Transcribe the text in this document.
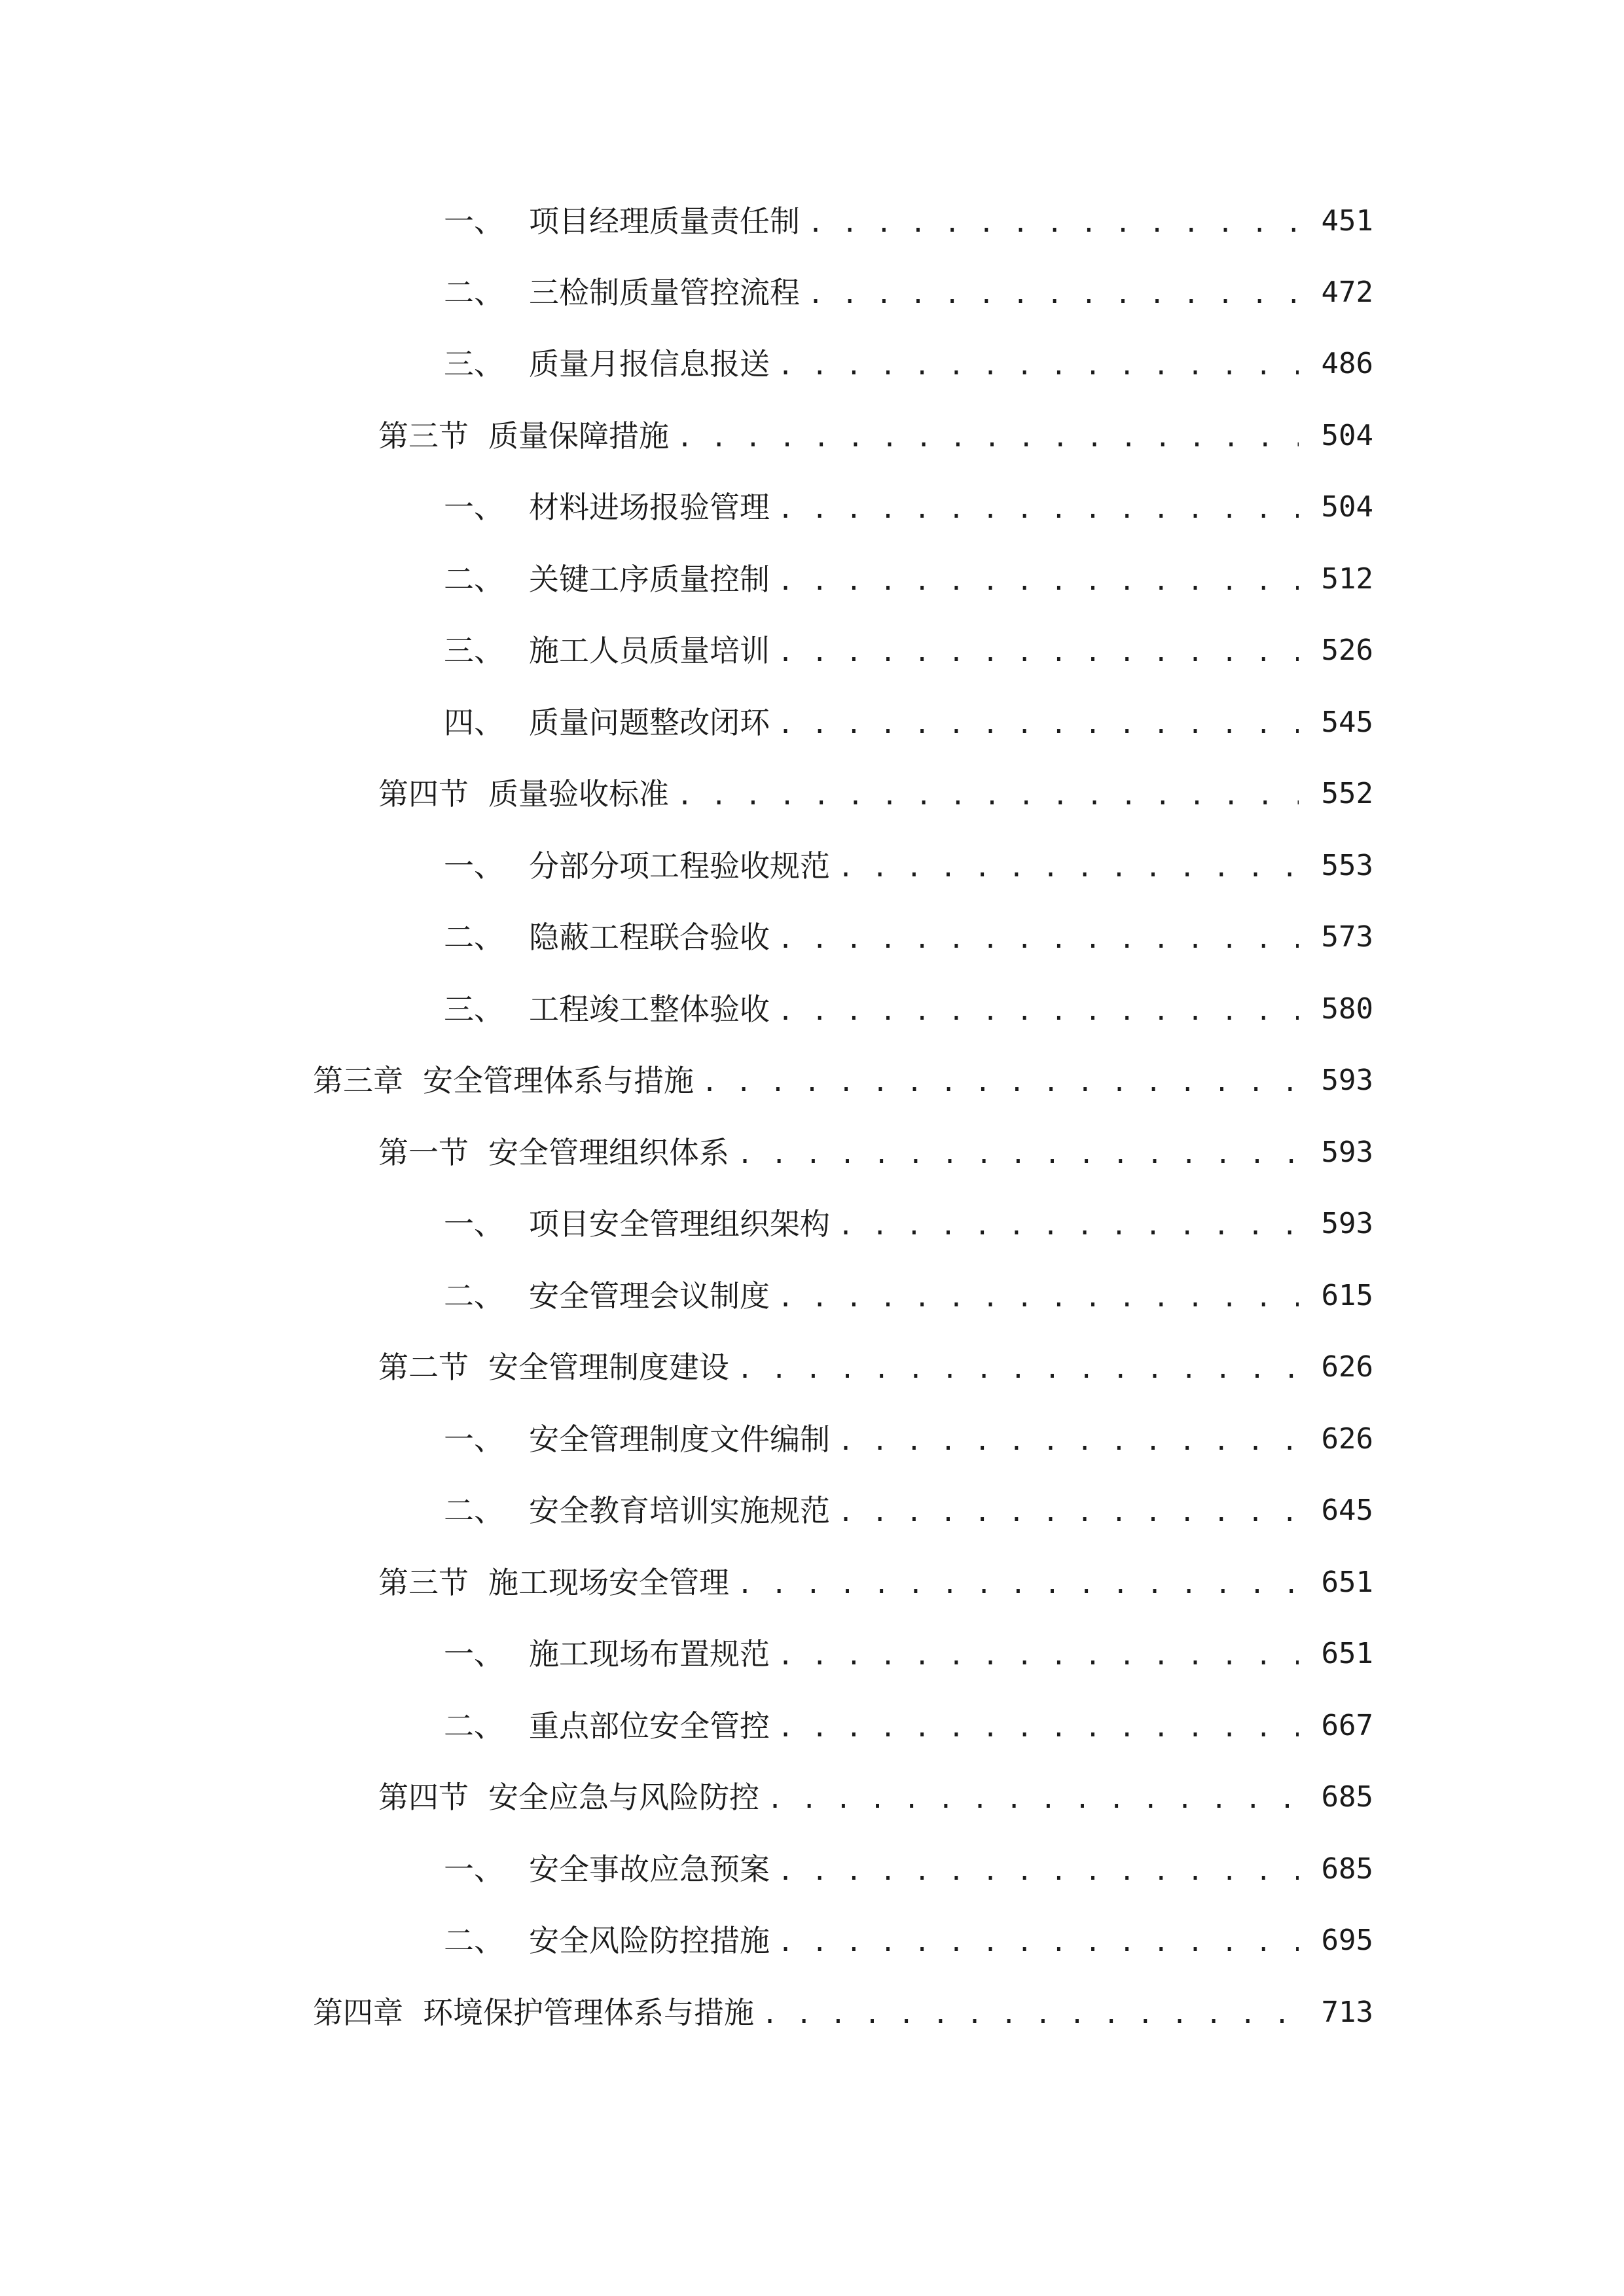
一、 项目经理质量责任制 . . .	451
二、 三检制质量管控流程 . . .	472
三、 质量月报信息报送 . . .	486
第三节 质量保障措施 . . .	504
一、 材料进场报验管理 . . .	504
二、 关键工序质量控制 . . .	512
三、 施工人员质量培训 . . .	526
四、 质量问题整改闭环 . . .	545
第四节 质量验收标准 . . .	552
一、 分部分项工程验收规范 . . .	553
二、 隐蔽工程联合验收 . . .	573
三、 工程竣工整体验收 . . .	580
第三章 安全管理体系与措施 . . .	593
第一节 安全管理组织体系 . . .	593
一、 项目安全管理组织架构 . . .	593
二、 安全管理会议制度 . . .	615
第二节 安全管理制度建设 . . .	626
一、 安全管理制度文件编制 . . .	626
二、 安全教育培训实施规范 . . .	645
第三节 施工现场安全管理 . . .	651
一、 施工现场布置规范 . . .	651
二、 重点部位安全管控 . . .	667
第四节 安全应急与风险防控 . . .	685
一、 安全事故应急预案 . . .	685
二、 安全风险防控措施 . . .	695
第四章 环境保护管理体系与措施 . . .	713
